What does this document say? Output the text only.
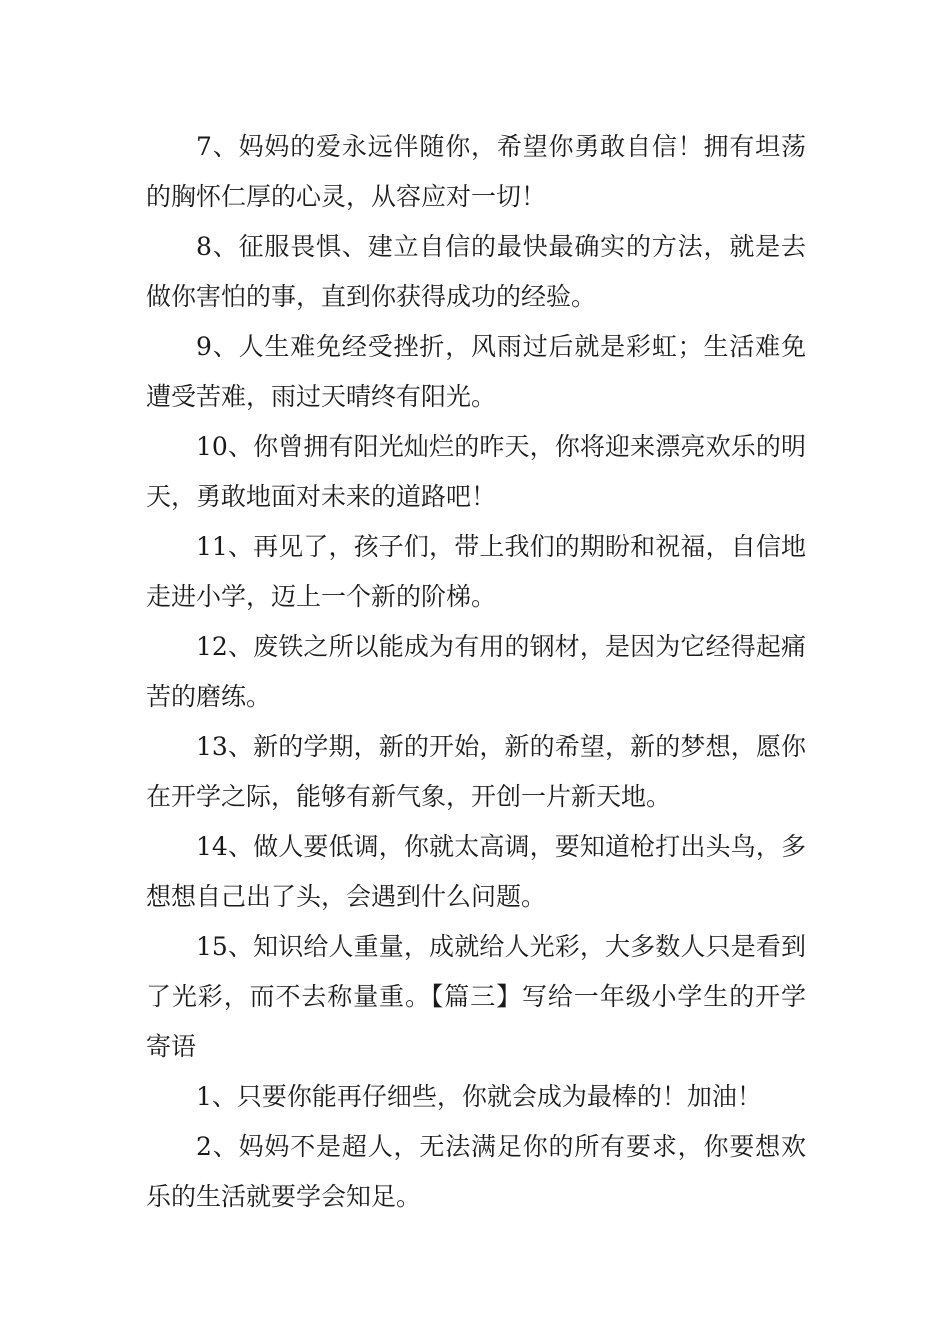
7、妈妈的爱永远伴随你，希望你勇敢自信！拥有坦荡的胸怀仁厚的心灵，从容应对一切！

8、征服畏惧、建立自信的最快最确实的方法，就是去做你害怕的事，直到你获得成功的经验。

9、人生难免经受挫折，风雨过后就是彩虹；生活难免遭受苦难，雨过天晴终有阳光。

10、你曾拥有阳光灿烂的昨天，你将迎来漂亮欢乐的明天，勇敢地面对未来的道路吧！

11、再见了，孩子们，带上我们的期盼和祝福，自信地走进小学，迈上一个新的阶梯。

12、废铁之所以能成为有用的钢材，是因为它经得起痛苦的磨练。

13、新的学期，新的开始，新的希望，新的梦想，愿你在开学之际，能够有新气象，开创一片新天地。

14、做人要低调，你就太高调，要知道枪打出头鸟，多想想自己出了头，会遇到什么问题。

15、知识给人重量，成就给人光彩，大多数人只是看到了光彩，而不去称量重。【篇三】写给一年级小学生的开学寄语

1、只要你能再仔细些，你就会成为最棒的！加油！

2、妈妈不是超人，无法满足你的所有要求，你要想欢乐的生活就要学会知足。
